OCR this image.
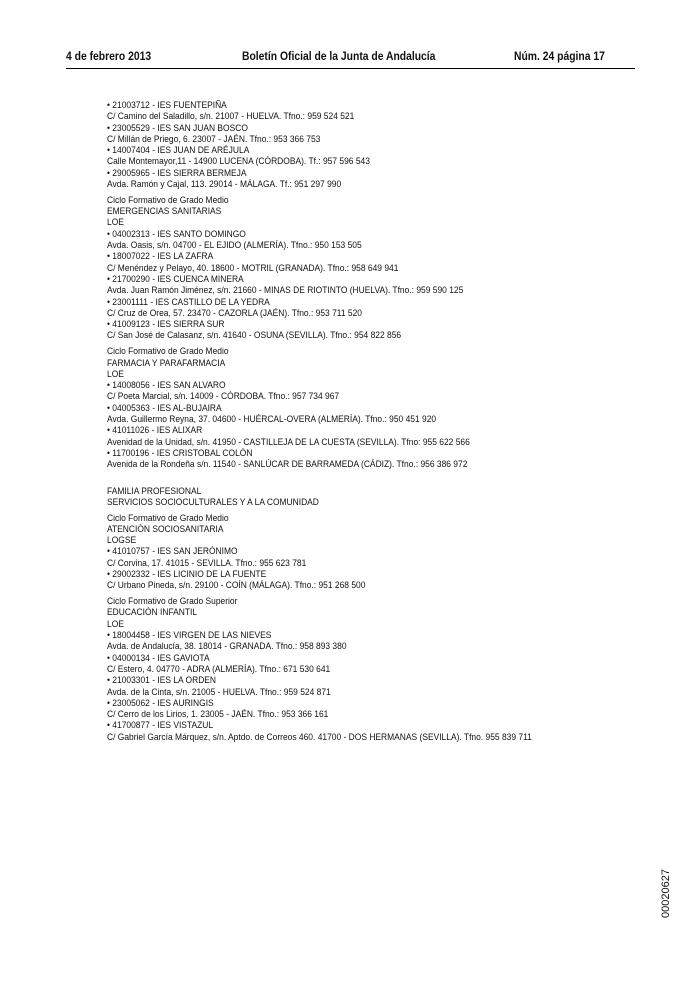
4 de febrero 2013	Boletín Oficial de la Junta de Andalucía	Núm. 24 página 17
• 21003712 - IES FUENTEPIÑA
C/ Camino del Saladillo, s/n. 21007 - HUELVA. Tfno.: 959 524 521
• 23005529 - IES SAN JUAN BOSCO
C/ Millán de Priego, 6. 23007 - JAÉN. Tfno.: 953 366 753
• 14007404 - IES JUAN DE ARÉJULA
Calle Montemayor,11 - 14900 LUCENA (CÓRDOBA). Tf.: 957 596 543
• 29005965 - IES SIERRA BERMEJA
Avda. Ramón y Cajal, 113. 29014 - MÁLAGA. Tf.: 951 297 990
Ciclo Formativo de Grado Medio
EMERGENCIAS SANITARIAS
LOE
• 04002313 - IES SANTO DOMINGO
Avda. Oasis, s/n. 04700 - EL EJIDO (ALMERÍA). Tfno.: 950 153 505
• 18007022 - IES LA ZAFRA
C/ Menéndez y Pelayo, 40. 18600 - MOTRIL (GRANADA). Tfno.: 958 649 941
• 21700290 - IES CUENCA MINERA
Avda. Juan Ramón Jiménez, s/n. 21660 - MINAS DE RIOTINTO (HUELVA). Tfno.: 959 590 125
• 23001111 - IES CASTILLO DE LA YEDRA
C/ Cruz de Orea, 57. 23470 - CAZORLA (JAÉN). Tfno.: 953 711 520
• 41009123 - IES SIERRA SUR
C/ San José de Calasanz, s/n. 41640 - OSUNA (SEVILLA). Tfno.: 954 822 856
Ciclo Formativo de Grado Medio
FARMACIA Y PARAFARMACIA
LOE
• 14008056 - IES SAN ALVARO
C/ Poeta Marcial, s/n. 14009 - CÓRDOBA. Tfno.: 957 734 967
• 04005363 - IES AL-BUJAIRA
Avda. Guillermo Reyna, 37. 04600 - HUÉRCAL-OVERA (ALMERÍA). Tfno.: 950 451 920
• 41011026 - IES ALIXAR
Avenidad de la Unidad, s/n. 41950 - CASTILLEJA DE LA CUESTA (SEVILLA). Tfno: 955 622 566
• 11700196 - IES CRISTOBAL COLÓN
Avenida de la Rondeña s/n. 11540 - SANLÚCAR DE BARRAMEDA (CÁDIZ). Tfno.: 956 386 972
FAMILIA PROFESIONAL
SERVICIOS SOCIOCULTURALES Y A LA COMUNIDAD
Ciclo Formativo de Grado Medio
ATENCIÓN SOCIOSANITARIA
LOGSE
• 41010757 - IES SAN JERÓNIMO
C/ Corvina, 17. 41015 - SEVILLA. Tfno.: 955 623 781
• 29002332 - IES LICINIO DE LA FUENTE
C/ Urbano Pineda, s/n. 29100 - COÍN (MÁLAGA). Tfno.: 951 268 500
Ciclo Formativo de Grado Superior
EDUCACIÓN INFANTIL
LOE
• 18004458 - IES VIRGEN DE LAS NIEVES
Avda. de Andalucía, 38. 18014 - GRANADA. Tfno.: 958 893 380
• 04000134 - IES GAVIOTA
C/ Estero, 4. 04770 - ADRA (ALMERÍA). Tfno.: 671 530 641
• 21003301 - IES LA ORDEN
Avda. de la Cinta, s/n. 21005 - HUELVA. Tfno.: 959 524 871
• 23005062 - IES AURINGIS
C/ Cerro de los Lirios, 1. 23005 - JAÉN. Tfno.: 953 366 161
• 41700877 - IES VISTAZUL
C/ Gabriel García Márquez, s/n. Aptdo. de Correos 460. 41700 - DOS HERMANAS (SEVILLA). Tfno. 955 839 711
00020627
